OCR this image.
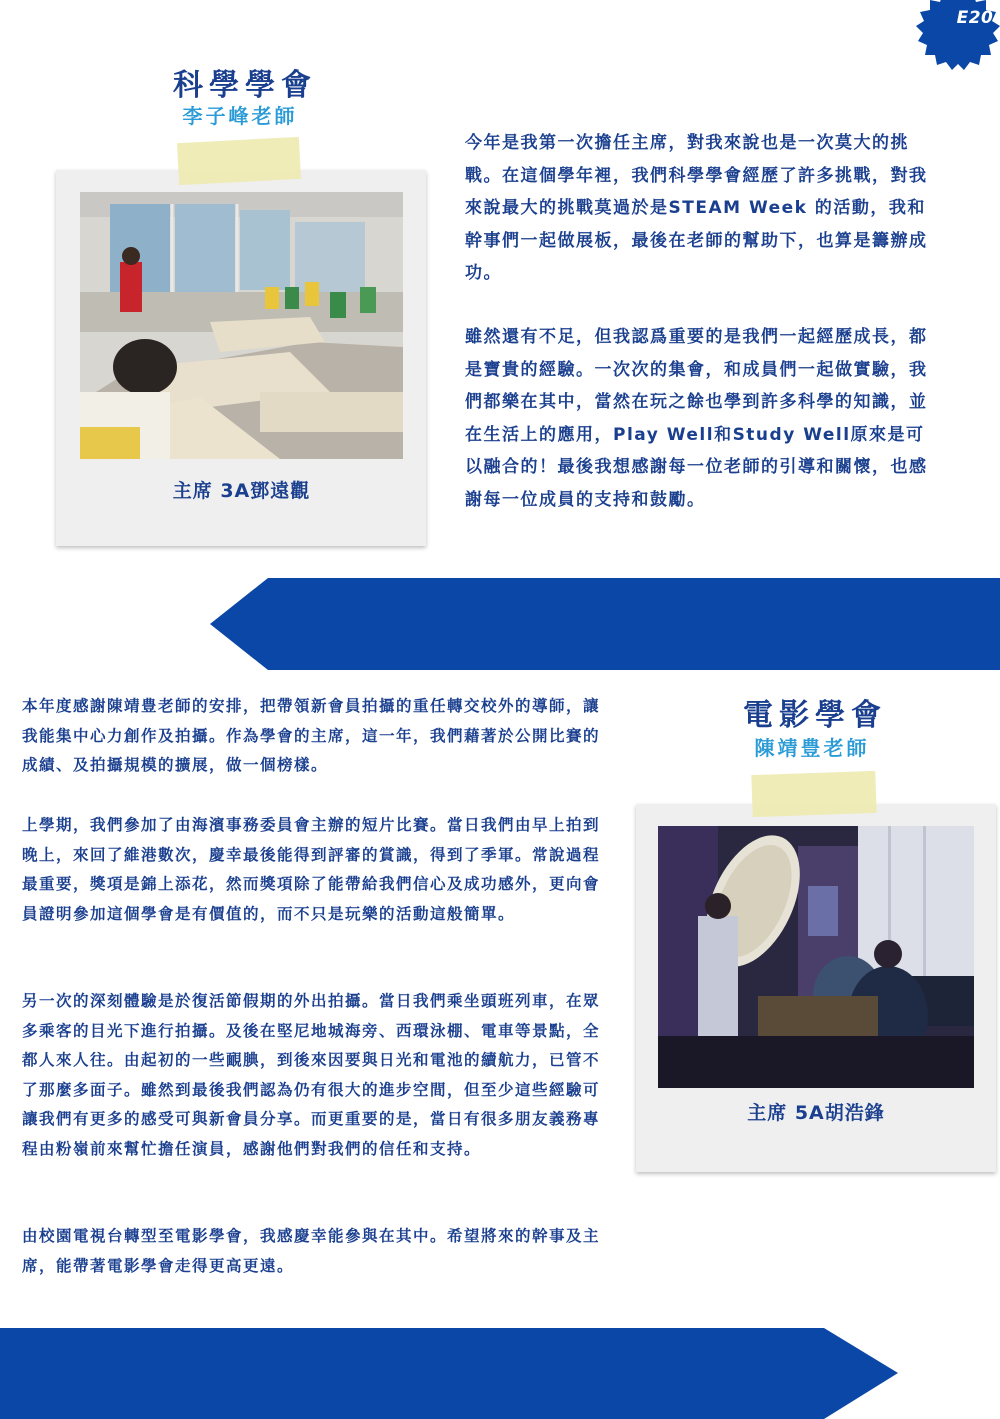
E20
科學學會
李子峰老師
主席 3A鄧遠觀

今年是我第一次擔任主席，對我來說也是一次莫大的挑戰。在這個學年裡，我們科學學會經歷了許多挑戰，對我來說最大的挑戰莫過於是STEAM Week 的活動，我和幹事們一起做展板，最後在老師的幫助下，也算是籌辦成功。

雖然還有不足，但我認爲重要的是我們一起經歷成長，都是寶貴的經驗。一次次的集會，和成員們一起做實驗，我們都樂在其中，當然在玩之餘也學到許多科學的知識，並在生活上的應用，Play Well和Study Well原來是可以融合的！最後我想感謝每一位老師的引導和關懷，也感謝每一位成員的支持和鼓勵。

本年度感謝陳靖豊老師的安排，把帶領新會員拍攝的重任轉交校外的導師，讓我能集中心力創作及拍攝。作為學會的主席，這一年，我們藉著於公開比賽的成績、及拍攝規模的擴展，做一個榜樣。

上學期，我們參加了由海濱事務委員會主辦的短片比賽。當日我們由早上拍到晚上，來回了維港數次，慶幸最後能得到評審的賞識，得到了季軍。常說過程最重要，獎項是錦上添花，然而獎項除了能帶給我們信心及成功感外，更向會員證明參加這個學會是有價值的，而不只是玩樂的活動這般簡單。

另一次的深刻體驗是於復活節假期的外出拍攝。當日我們乘坐頭班列車，在眾多乘客的目光下進行拍攝。及後在堅尼地城海旁、西環泳棚、電車等景點，全都人來人往。由起初的一些靦腆，到後來因要與日光和電池的續航力，已管不了那麼多面子。雖然到最後我們認為仍有很大的進步空間，但至少這些經驗可讓我們有更多的感受可與新會員分享。而更重要的是，當日有很多朋友義務專程由粉嶺前來幫忙擔任演員，感謝他們對我們的信任和支持。

由校園電視台轉型至電影學會，我感慶幸能參與在其中。希望將來的幹事及主席，能帶著電影學會走得更高更遠。

電影學會
陳靖豊老師
主席 5A胡浩鋒
